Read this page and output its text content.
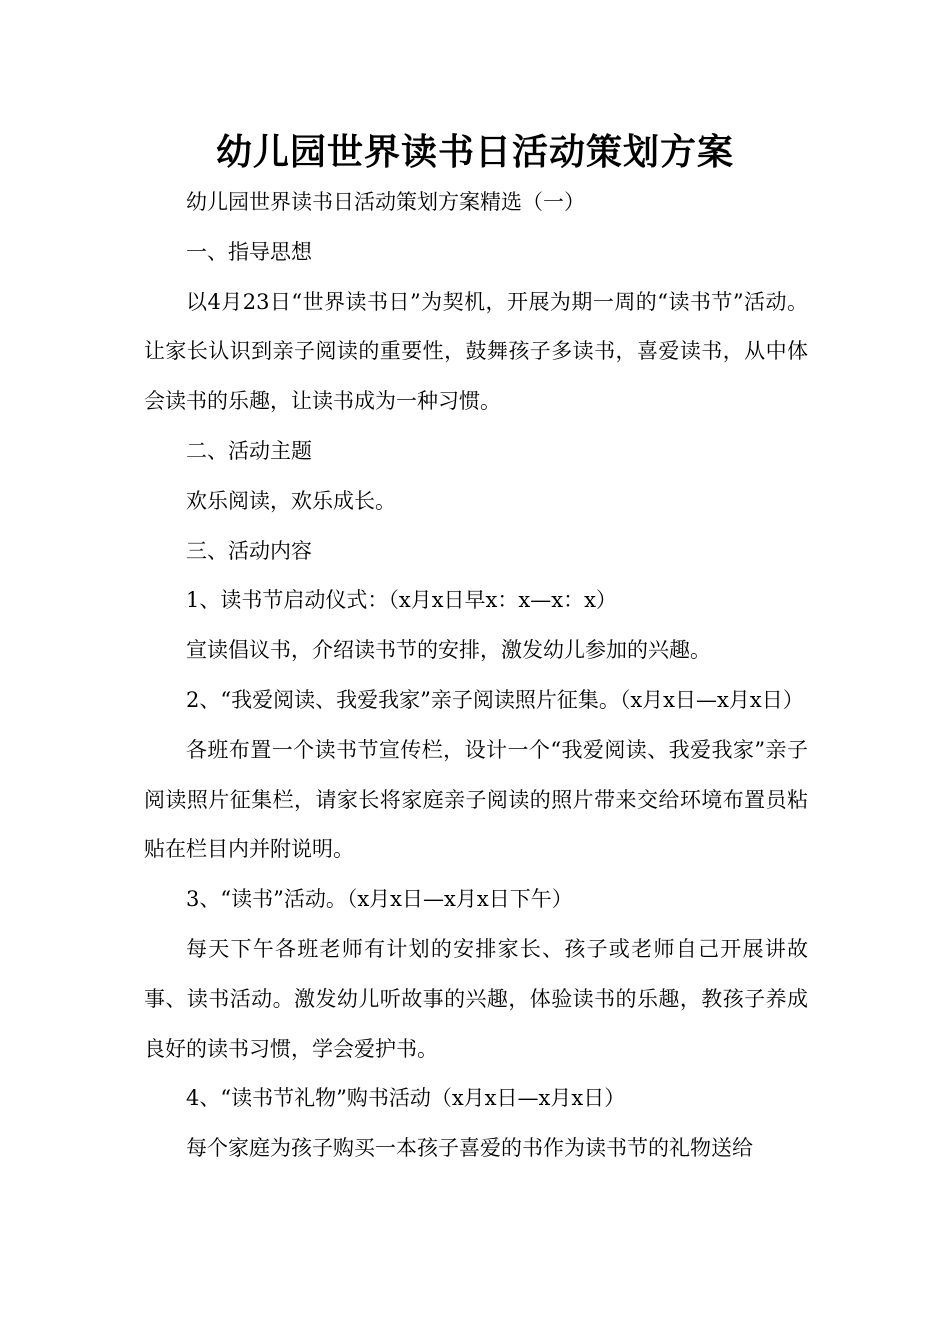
幼儿园世界读书日活动策划方案

幼儿园世界读书日活动策划方案精选（一）

一、指导思想

以4月23日“世界读书日”为契机，开展为期一周的“读书节”活动。让家长认识到亲子阅读的重要性，鼓舞孩子多读书，喜爱读书，从中体会读书的乐趣，让读书成为一种习惯。

二、活动主题

欢乐阅读，欢乐成长。

三、活动内容

1、读书节启动仪式：（x月x日早x：x—x：x）

宣读倡议书，介绍读书节的安排，激发幼儿参加的兴趣。

2、“我爱阅读、我爱我家”亲子阅读照片征集。（x月x日—x月x日）

各班布置一个读书节宣传栏，设计一个“我爱阅读、我爱我家”亲子阅读照片征集栏，请家长将家庭亲子阅读的照片带来交给环境布置员粘贴在栏目内并附说明。

3、“读书”活动。（x月x日—x月x日下午）

每天下午各班老师有计划的安排家长、孩子或老师自己开展讲故事、读书活动。激发幼儿听故事的兴趣，体验读书的乐趣，教孩子养成良好的读书习惯，学会爱护书。

4、“读书节礼物”购书活动（x月x日—x月x日）

每个家庭为孩子购买一本孩子喜爱的书作为读书节的礼物送给
